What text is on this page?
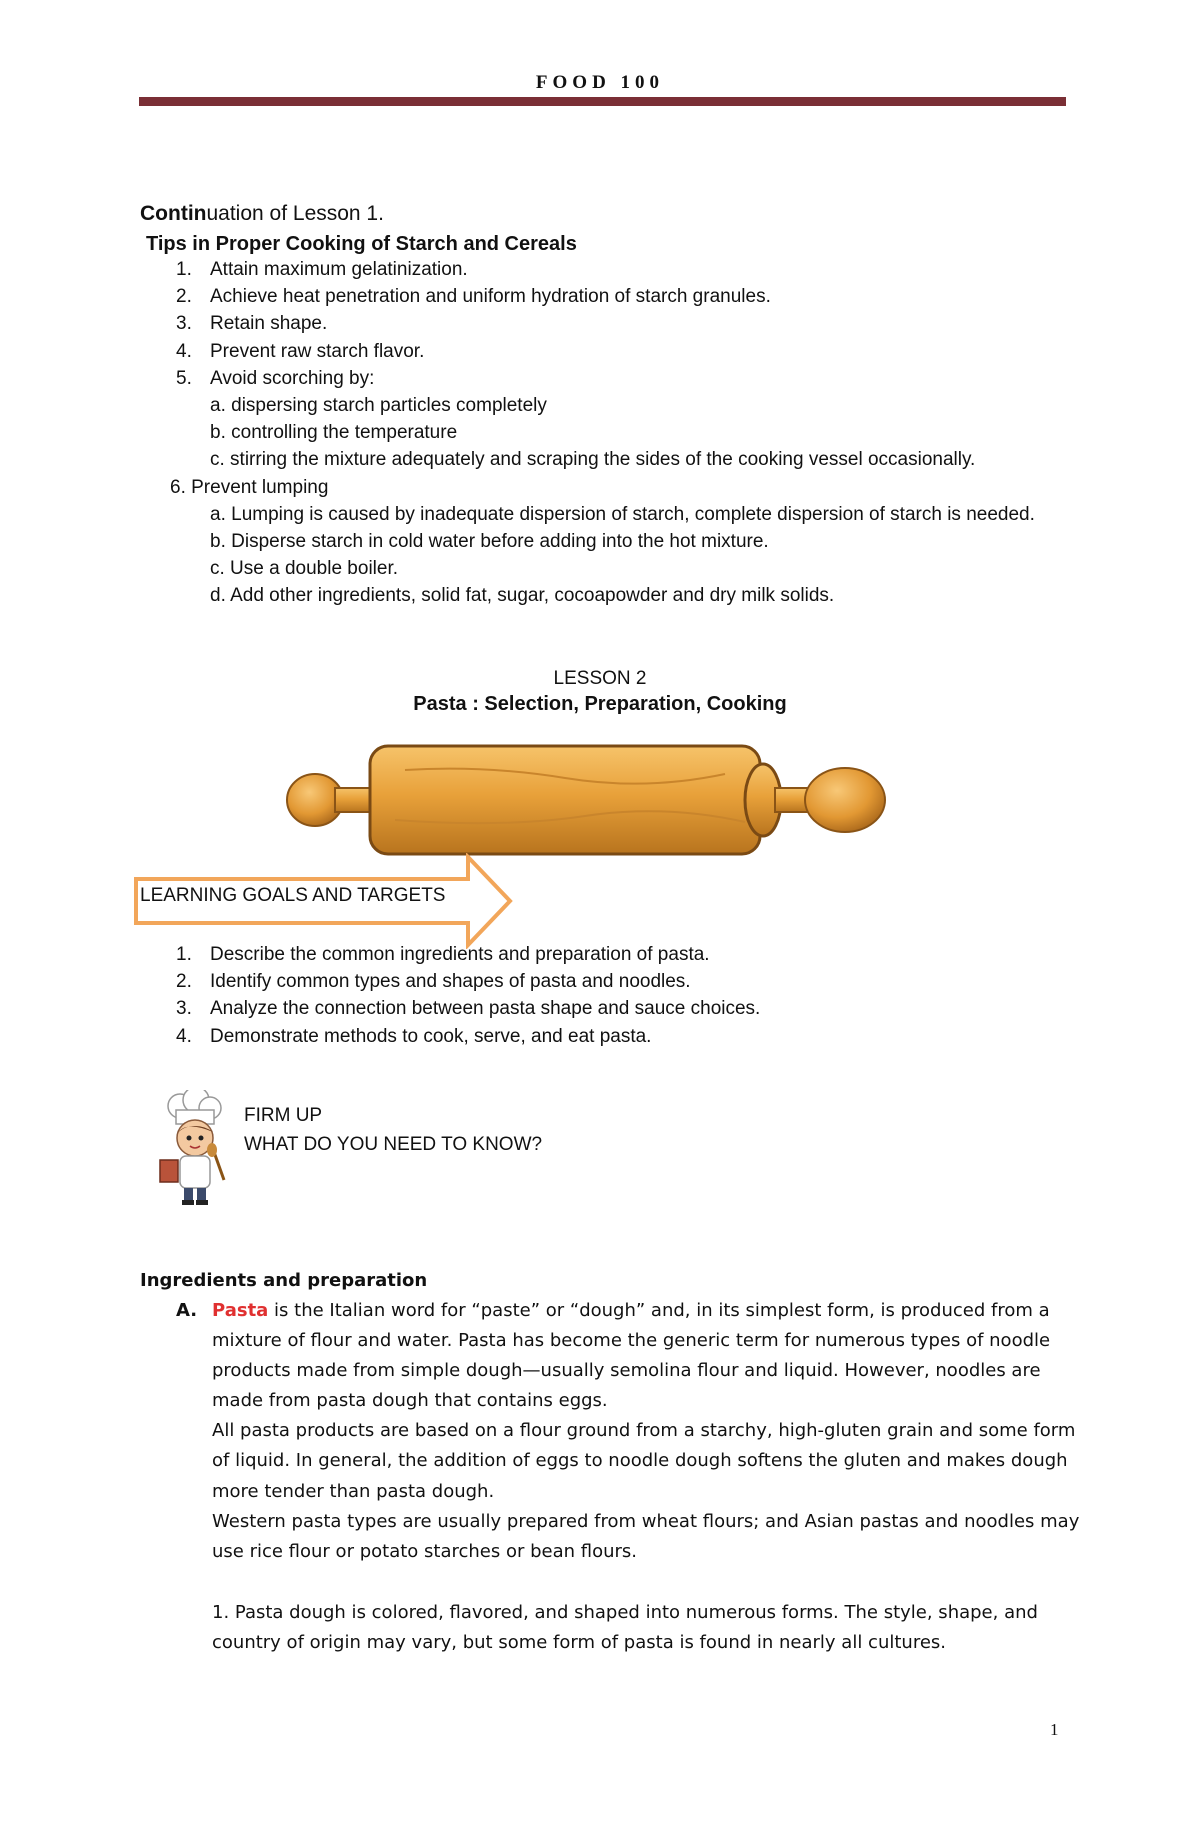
FOOD 100
Continuation of Lesson 1.
Tips in Proper Cooking of Starch and Cereals
1. Attain maximum gelatinization.
2. Achieve heat penetration and uniform hydration of starch granules.
3. Retain shape.
4. Prevent raw starch flavor.
5. Avoid scorching by:
a. dispersing starch particles completely
b. controlling the temperature
c. stirring the mixture adequately and scraping the sides of the cooking vessel occasionally.
6. Prevent lumping
a. Lumping is caused by inadequate dispersion of starch, complete dispersion of starch is needed.
b. Disperse starch in cold water before adding into the hot mixture.
c. Use a double boiler.
d. Add other ingredients, solid fat, sugar, cocoapowder and dry milk solids.
LESSON 2
Pasta : Selection, Preparation, Cooking
LEARNING GOALS AND TARGETS
1. Describe the common ingredients and preparation of pasta.
2. Identify common types and shapes of pasta and noodles.
3. Analyze the connection between pasta shape and sauce choices.
4. Demonstrate methods to cook, serve, and eat pasta.
FIRM UP
WHAT DO YOU NEED TO KNOW?
Ingredients and preparation
A. Pasta is the Italian word for “paste” or “dough” and, in its simplest form, is produced from a
mixture of flour and water. Pasta has become the generic term for numerous types of noodle
products made from simple dough—usually semolina flour and liquid. However, noodles are
made from pasta dough that contains eggs.
All pasta products are based on a flour ground from a starchy, high-gluten grain and some form
of liquid. In general, the addition of eggs to noodle dough softens the gluten and makes dough
more tender than pasta dough.
Western pasta types are usually prepared from wheat flours; and Asian pastas and noodles may
use rice flour or potato starches or bean flours.
1. Pasta dough is colored, flavored, and shaped into numerous forms. The style, shape, and
country of origin may vary, but some form of pasta is found in nearly all cultures.
1
